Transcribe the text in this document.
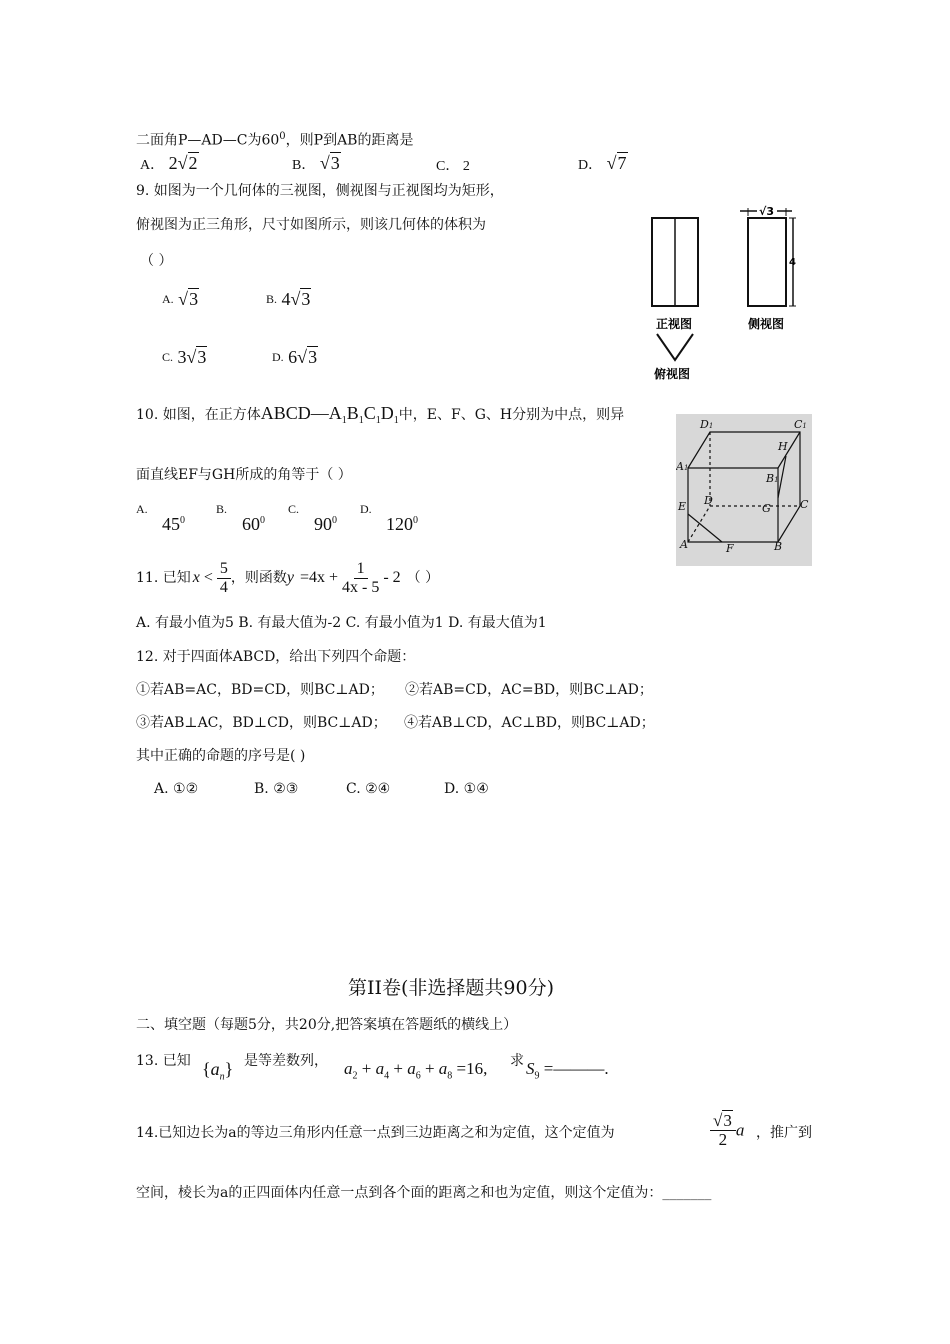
二面角P—AD—C为$60^0$，则P到AB的距离是
A． 2√2	B． √3	C． 2	D． √7
9. 如图为一个几何体的三视图，侧视图与正视图均为矩形，
俯视图为正三角形，尺寸如图所示，则该几何体的体积为
（ ）
$^{A.}$ √3	$^{B.}$ 4√3
$^{C.}$ 3√3	$^{D.}$ 6√3
√3
4
正视图	侧视图
俯视图
10. 如图，在正方体$ABCD—A_1B_1C_1D_1$中，E、F、G、H分别为中点，则异
面直线EF与GH所成的角等于（ ）
A.
$45^0$
B.
$60^0$
C.
$90^0$
D.
$120^0$
D1	C1
H
A1
B1
E D	C
G
A	F	B
11. 已知 $x < \frac{5}{4}$ ，则函数 $y =4x + \frac{1}{4x - 5} - 2$ （ ）
A. 有最小值为5 B. 有最大值为-2 C. 有最小值为1 D. 有最大值为1
12. 对于四面体ABCD，给出下列四个命题：
①若AB=AC，BD=CD，则BC⊥AD； ②若AB=CD，AC=BD，则BC⊥AD；
③若AB⊥AC，BD⊥CD，则BC⊥AD； ④若AB⊥CD，AC⊥BD，则BC⊥AD；
其中正确的命题的序号是( )
A. ①②	B. ②③	C. ②④	D. ①④
第II卷(非选择题共90分)
二、填空题（每题5分，共20分,把答案填在答题纸的横线上）
13. 已知 $\{a_n\}$ 是等差数列， $a_2 + a_4 + a_6 + a_8 =16$, 求 $S_9$ =———.
14.已知边长为a的等边三角形内任意一点到三边距离之和为定值，这个定值为	$\frac{√3}{2}$ a ，推广到
空间，棱长为a的正四面体内任意一点到各个面的距离之和也为定值，则这个定值为：_______
